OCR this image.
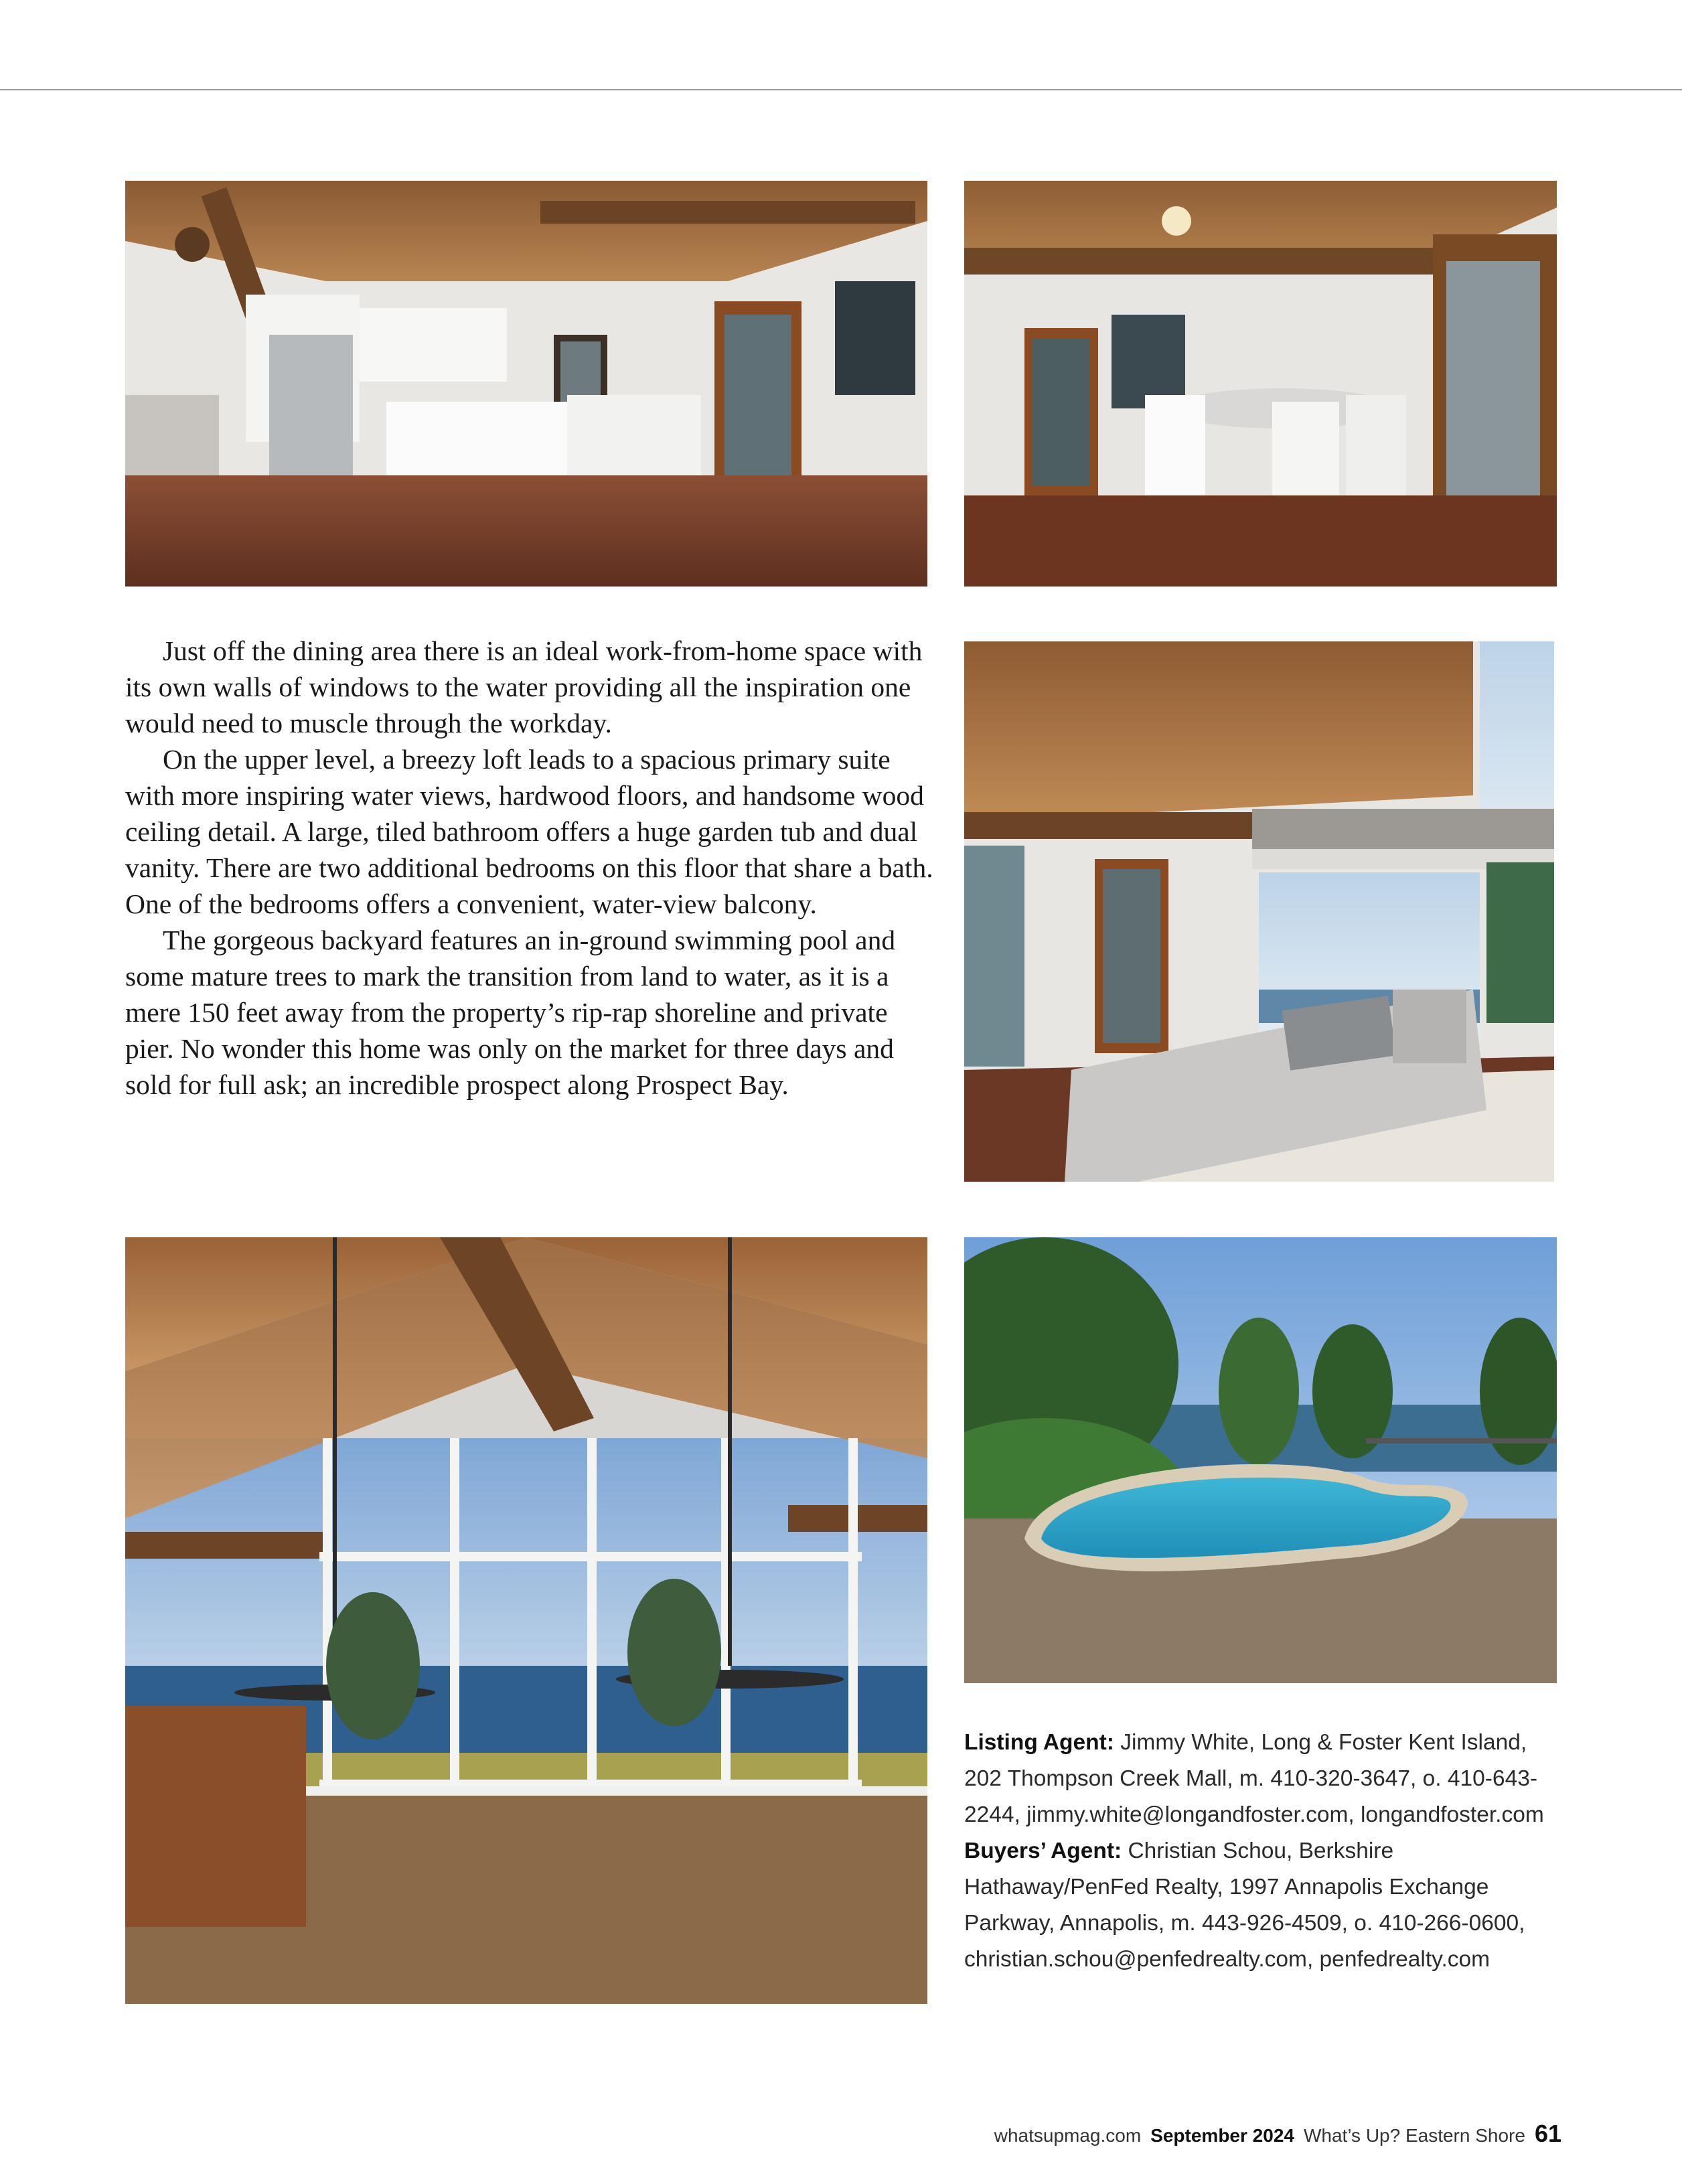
Just off the dining area there is an ideal work-from-home space with its own walls of windows to the water providing all the inspiration one would need to muscle through the workday.

On the upper level, a breezy loft leads to a spacious primary suite with more inspiring water views, hardwood floors, and handsome wood ceiling detail. A large, tiled bathroom offers a huge garden tub and dual vanity. There are two additional bedrooms on this floor that share a bath. One of the bedrooms offers a convenient, water-view balcony.

The gorgeous backyard features an in-ground swimming pool and some mature trees to mark the transition from land to water, as it is a mere 150 feet away from the property’s rip-rap shoreline and private pier. No wonder this home was only on the market for three days and sold for full ask; an incredible prospect along Prospect Bay.

Listing Agent: Jimmy White, Long & Foster Kent Island, 202 Thompson Creek Mall, m. 410-320-3647, o. 410-643-2244, jimmy.white@longandfoster.com, longandfoster.com Buyers’ Agent: Christian Schou, Berkshire Hathaway/PenFed Realty, 1997 Annapolis Exchange Parkway, Annapolis, m. 443-926-4509, o. 410-266-0600, christian.schou@penfedrealty.com, penfedrealty.com
whatsupmag.com September 2024 What’s Up? Eastern Shore 61
